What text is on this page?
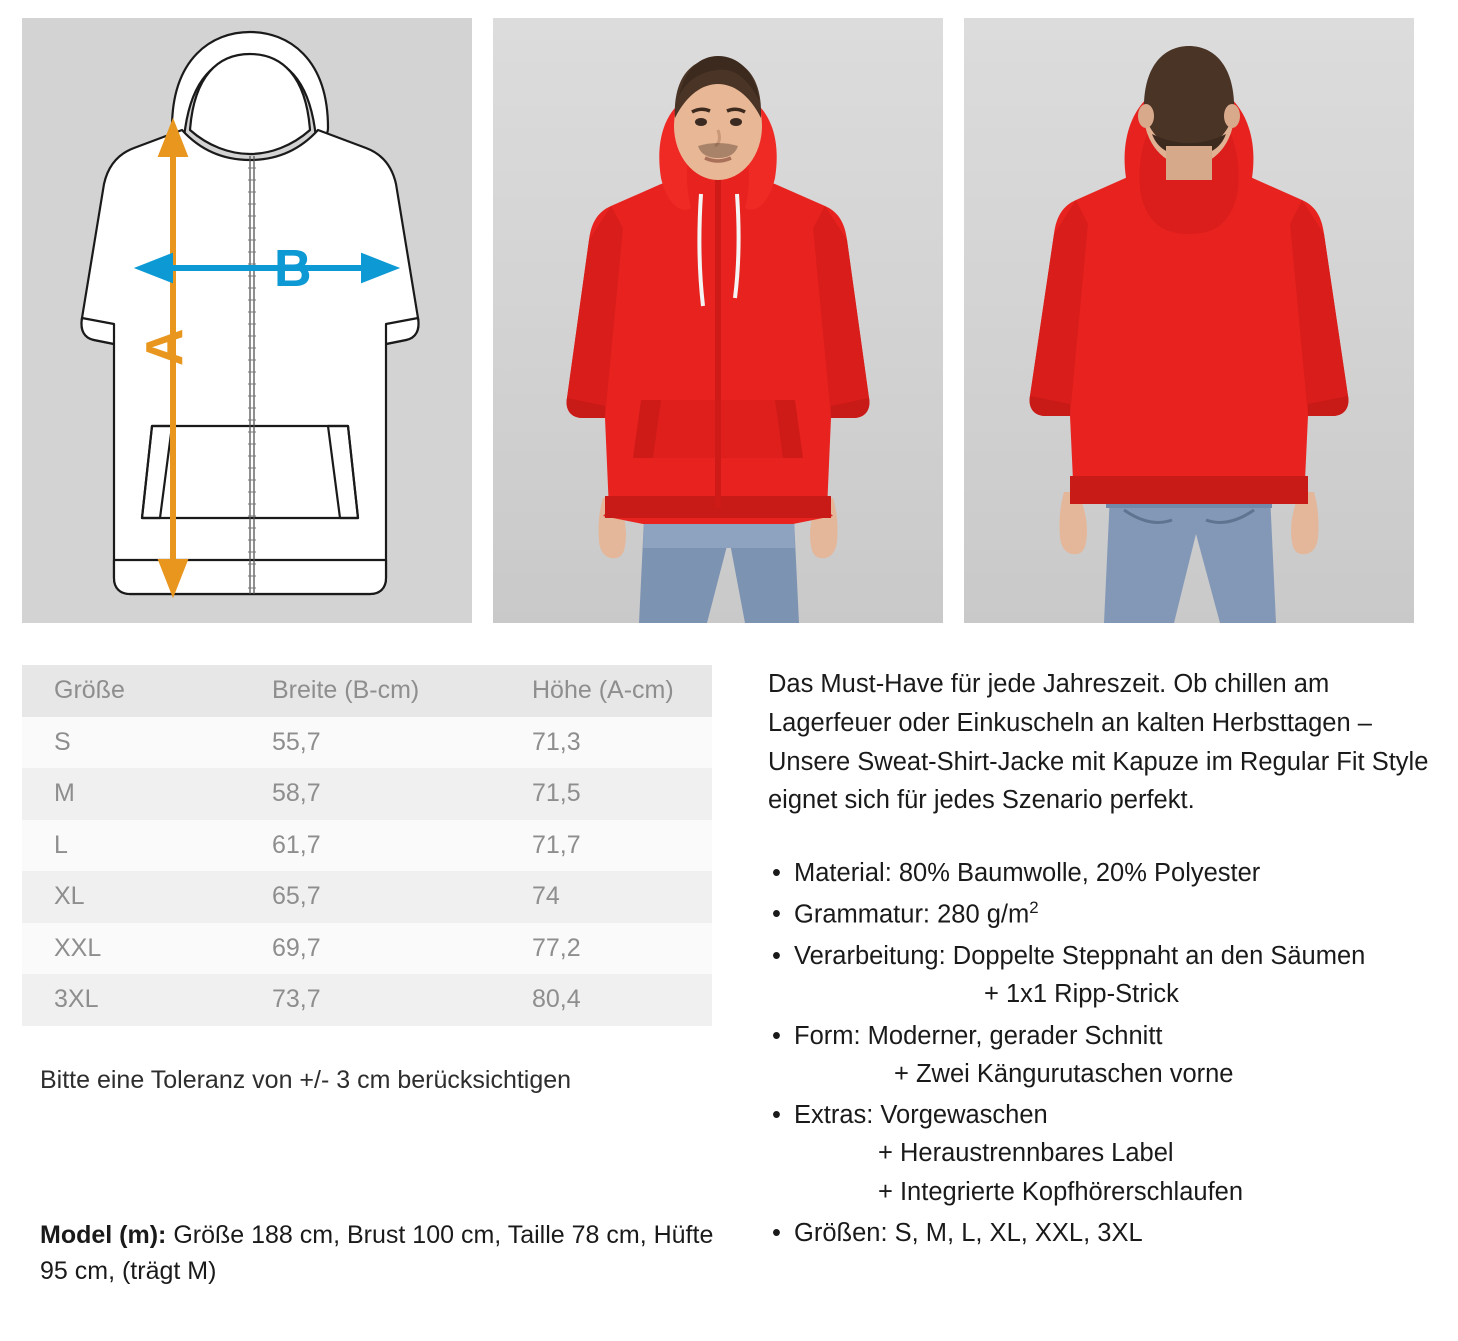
A
B
Größe	Breite (B-cm)	Höhe (A-cm)
S	55,7	71,3
M	58,7	71,5
L	61,7	71,7
XL	65,7	74
XXL	69,7	77,2
3XL	73,7	80,4

Bitte eine Toleranz von +/- 3 cm berücksichtigen

Model (m): Größe 188 cm, Brust 100 cm, Taille 78 cm, Hüfte 95 cm, (trägt M)

Das Must-Have für jede Jahreszeit. Ob chillen am Lagerfeuer oder Einkuscheln an kalten Herbsttagen – Unsere Sweat-Shirt-Jacke mit Kapuze im Regular Fit Style eignet sich für jedes Szenario perfekt.

• Material: 80% Baumwolle, 20% Polyester
• Grammatur: 280 $g/m^2$
• Verarbeitung: Doppelte Steppnaht an den Säumen
+ 1x1 Ripp-Strick
• Form: Moderner, gerader Schnitt
+ Zwei Kängurutaschen vorne
• Extras: Vorgewaschen
+ Heraustrennbares Label
+ Integrierte Kopfhörerschlaufen
• Größen: S, M, L, XL, XXL, 3XL
